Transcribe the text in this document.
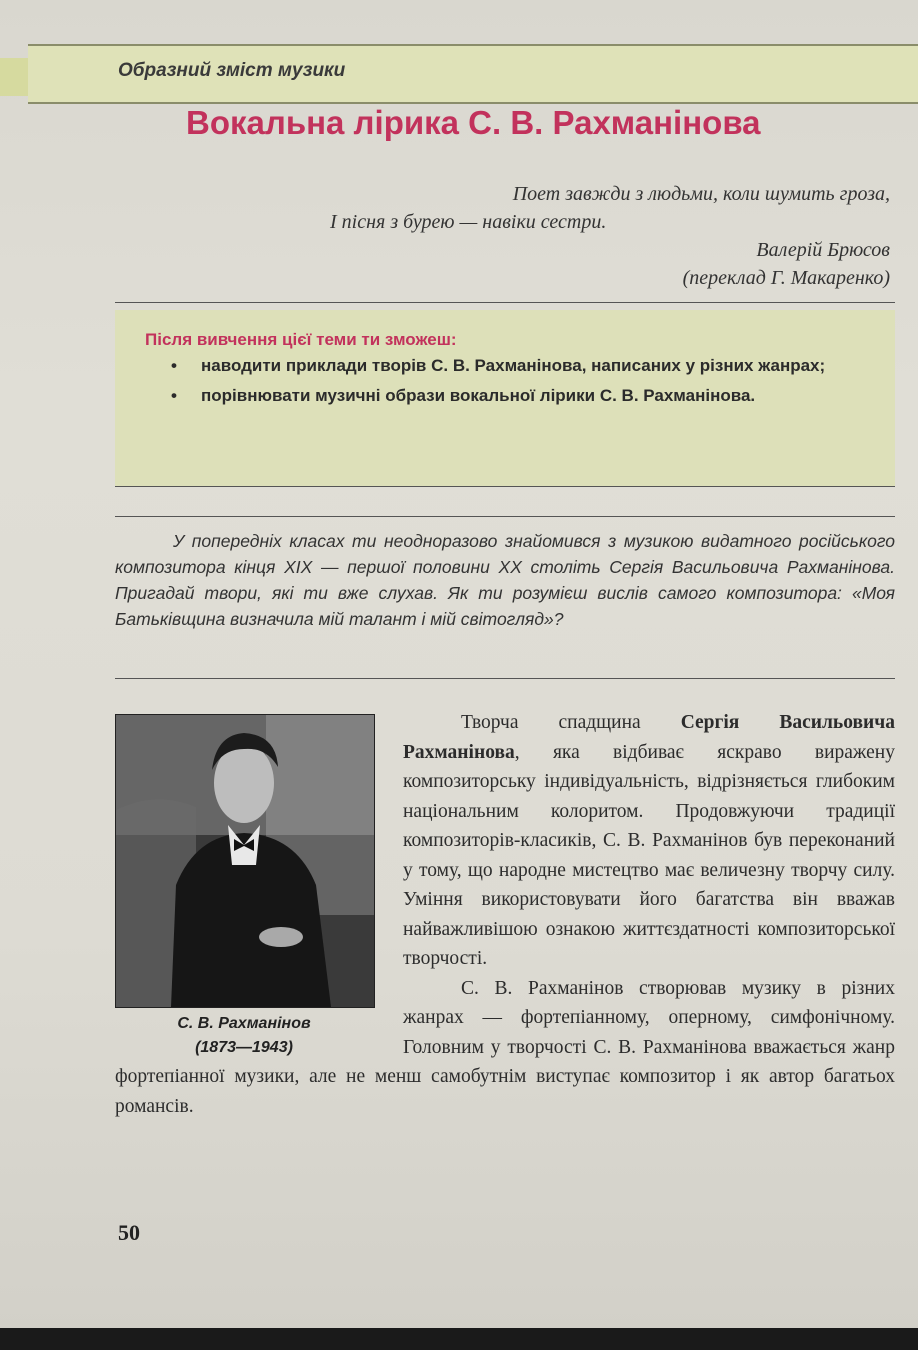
Образний зміст музики
Вокальна лірика С. В. Рахманінова
Поет завжди з людьми, коли шумить гроза,
І пісня з бурею — навіки сестри.
Валерій Брюсов
(переклад Г. Макаренко)
Після вивчення цієї теми ти зможеш:
• наводити приклади творів С. В. Рахманінова, написаних у різних жанрах;
• порівнювати музичні образи вокальної лірики С. В. Рахманінова.
У попередніх класах ти неодноразово знайомився з музикою видатного російського композитора кінця XIX — першої половини XX століть Сергія Васильовича Рахманінова. Пригадай твори, які ти вже слухав. Як ти розумієш вислів самого композитора: «Моя Батьківщина визначила мій талант і мій світогляд»?
С. В. Рахманінов
(1873—1943)

Творча спадщина Сергія Васильовича Рахманінова, яка відбиває яскраво виражену композиторську індивідуальність, відрізняється глибоким національним колоритом. Продовжуючи традиції композиторів-класиків, С. В. Рахманінов був переконаний у тому, що народне мистецтво має величезну творчу силу. Уміння використовувати його багатства він вважав найважливішою ознакою життєздатності композиторської творчості.

С. В. Рахманінов створював музику в різних жанрах — фортепіанному, оперному, симфонічному. Головним у творчості С. В. Рахманінова вважається жанр фортепіанної музики, але не менш самобутнім виступає композитор і як автор багатьох романсів.

50
